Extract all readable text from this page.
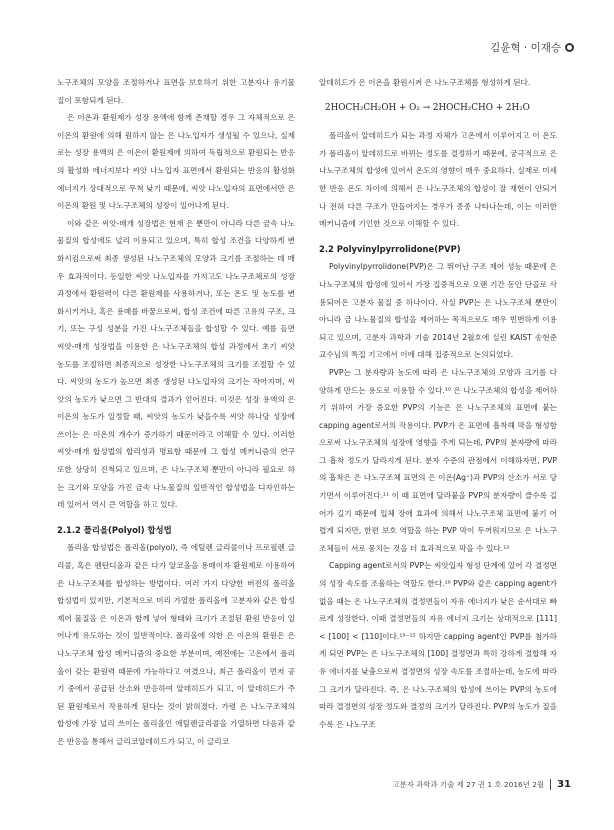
김윤혁 · 이재승

노구조체의 모양을 조절하거나 표면을 보호하기 위한 고분자나 유기물질이 포함되게 된다.

은 이온과 환원제가 성장 용액에 함께 존재할 경우 그 자체적으로 은 이온의 환원에 의해 원하지 않는 은 나노입자가 생성될 수 있으나, 실제로는 성장 용액의 은 이온이 환원제에 의하여 독립적으로 환원되는 반응의 활성화 에너지보다 씨앗 나노입자 표면에서 환원되는 반응의 활성화 에너지가 상대적으로 무척 낮기 때문에, 씨앗 나노입자의 표면에서만 은 이온의 환원 및 나노구조체의 성장이 일어나게 된다.

이와 같은 씨앗-매개 성장법은 현재 은 뿐만이 아니라 다른 금속 나노물질의 합성에도 널리 이용되고 있으며, 특히 합성 조건을 다양하게 변화시킴으로써 최종 생성된 나노구조체의 모양과 크기를 조절하는 데 매우 효과적이다. 동일한 씨앗 나노입자를 가지고도 나노구조체로의 성장 과정에서 환원력이 다른 환원제를 사용하거나, 또는 온도 및 농도를 변화시키거나, 혹은 용매를 바꿈으로써, 합성 조건에 따른 고유의 구조, 크기, 또는 구성 성분을 가진 나노구조체들을 합성할 수 있다. 예를 들면 씨앗-매개 성장법을 이용한 은 나노구조체의 합성 과정에서 초기 씨앗 농도를 조절하면 최종적으로 성장한 나노구조체의 크기를 조절할 수 있다. 씨앗의 농도가 높으면 최종 생성된 나노입자의 크기는 작아지며, 씨앗의 농도가 낮으면 그 반대의 결과가 얻어진다. 이것은 성장 용액의 은 이온의 농도가 일정할 때, 씨앗의 농도가 낮을수록 씨앗 하나당 성장에 쓰이는 은 이온의 개수가 증가하기 때문이라고 이해할 수 있다. 이러한 씨앗-매개 합성법의 합리성과 명료함 때문에 그 합성 메커니즘의 연구 또한 상당히 진척되고 있으며, 은 나노구조체 뿐만이 아니라 필요로 하는 크기와 모양을 가진 금속 나노물질의 일반적인 합성법을 디자인하는 데 있어서 역시 큰 역할을 하고 있다.

2.1.2 폴리올(Polyol) 합성법

폴리올 합성법은 폴리올(polyol), 즉 에틸렌 글리콜이나 프로필렌 글리콜, 혹은 펜탄디올과 같은 다가 알코올을 용매이자 환원제로 이용하여 은 나노구조체를 합성하는 방법이다. 여러 가지 다양한 버전의 폴리올 합성법이 있지만, 기본적으로 미리 가열한 폴리올에 고분자와 같은 합성 제어 물질을 은 이온과 함께 넣어 형태와 크기가 조절된 환원 반응이 일어나게 유도하는 것이 일반적이다. 폴리올에 의한 은 이온의 환원은 은 나노구조체 합성 메커니즘의 중요한 부분이며, 예전에는 고온에서 폴리올이 갖는 환원력 때문에 가능하다고 여겼으나, 최근 폴리올이 먼저 공기 중에서 공급된 산소와 반응하여 알데히드가 되고, 이 알데히드가 주된 환원제로서 작용하게 된다는 것이 밝혀졌다. 가령 은 나노구조체의 합성에 가장 널리 쓰이는 폴리올인 에틸렌글리콜을 가열하면 다음과 같은 반응을 통해서 글리코알데히드가 되고, 이 글리코

알데히드가 은 이온을 환원시켜 은 나노구조체를 형성하게 된다.

2HOCH₂CH₂OH + O₂ → 2HOCH₂CHO + 2H₂O

폴리올이 알데히드가 되는 과정 자체가 고온에서 이루어지고 이 온도가 폴리올이 알데히드로 바뀌는 정도를 결정하기 때문에, 궁극적으로 은 나노구조체의 합성에 있어서 온도의 영향이 매우 중요하다. 실제로 미세한 반응 온도 차이에 의해서 은 나노구조체의 합성이 잘 재현이 안되거나 전혀 다른 구조가 만들어지는 경우가 종종 나타나는데, 이는 이러한 메커니즘에 기인한 것으로 이해할 수 있다.

2.2 Polyvinylpyrrolidone(PVP)

Polyvinylpyrrolidone(PVP)은 그 뛰어난 구조 제어 성능 때문에 은 나노구조체의 합성에 있어서 가장 집중적으로 오랜 기간 동안 단골로 사용되어온 고분자 물질 중 하나이다. 사실 PVP는 은 나노구조체 뿐만이 아니라 금 나노물질의 합성을 제어하는 목적으로도 매우 빈번하게 이용되고 있으며, 고분자 과학과 기술 2014년 2월호에 실린 KAIST 송현준 교수님의 특집 기고에서 이에 대해 집중적으로 논의되었다.

PVP는 그 분자량과 농도에 따라 은 나노구조체의 모양과 크기를 다양하게 만드는 용도로 이용할 수 있다.¹⁰ 은 나노구조체의 합성을 제어하기 위하여 가장 중요한 PVP의 기능은 은 나노구조체의 표면에 붙는 capping agent로서의 작용이다. PVP가 은 표면에 흡착해 막을 형성함으로써 나노구조체의 성장에 영향을 주게 되는데, PVP의 분자량에 따라 그 흡착 정도가 달라지게 된다. 분자 수준의 관점에서 이해하자면, PVP의 흡착은 은 나노구조체 표면의 은 이온(Ag⁺)과 PVP의 산소가 서로 당기면서 이루어진다.¹¹ 이 때 표면에 달라붙을 PVP의 분자량이 클수록 길어가 길기 때문에 입체 장애 효과에 의해서 나노구조체 표면에 붙기 어렵게 되지만, 한편 보호 역할을 하는 PVP 막이 두꺼워지므로 은 나노구조체들이 서로 뭉치는 것을 더 효과적으로 막을 수 있다.¹²

Capping agent로서의 PVP는 씨앗입자 형성 단계에 있어 각 결정면의 성장 속도를 조율하는 역할도 한다.¹⁰ PVP와 같은 capping agent가 없을 때는 은 나노구조체의 결정면들이 자유 에너지가 낮은 순서대로 빠르게 성장한다. 이때 결정면들의 자유 에너지 크기는 상대적으로 [111] < [100] < [110]이다.¹³⁻¹⁵ 하지만 capping agent인 PVP를 첨가하게 되면 PVP는 은 나노구조체의 [100] 결정면과 특히 강하게 결합해 자유 에너지를 낮춤으로써 결정면의 성장 속도를 조절하는데, 농도에 따라 그 크기가 달라진다. 즉, 은 나노구조체의 합성에 쓰이는 PVP의 농도에 따라 결정면의 성장 정도와 결정의 크기가 달라진다. PVP의 농도가 질을 수록 은 나노구조

고분자 과학과 기술 제 27 권 1 호 2016년 2월 31
